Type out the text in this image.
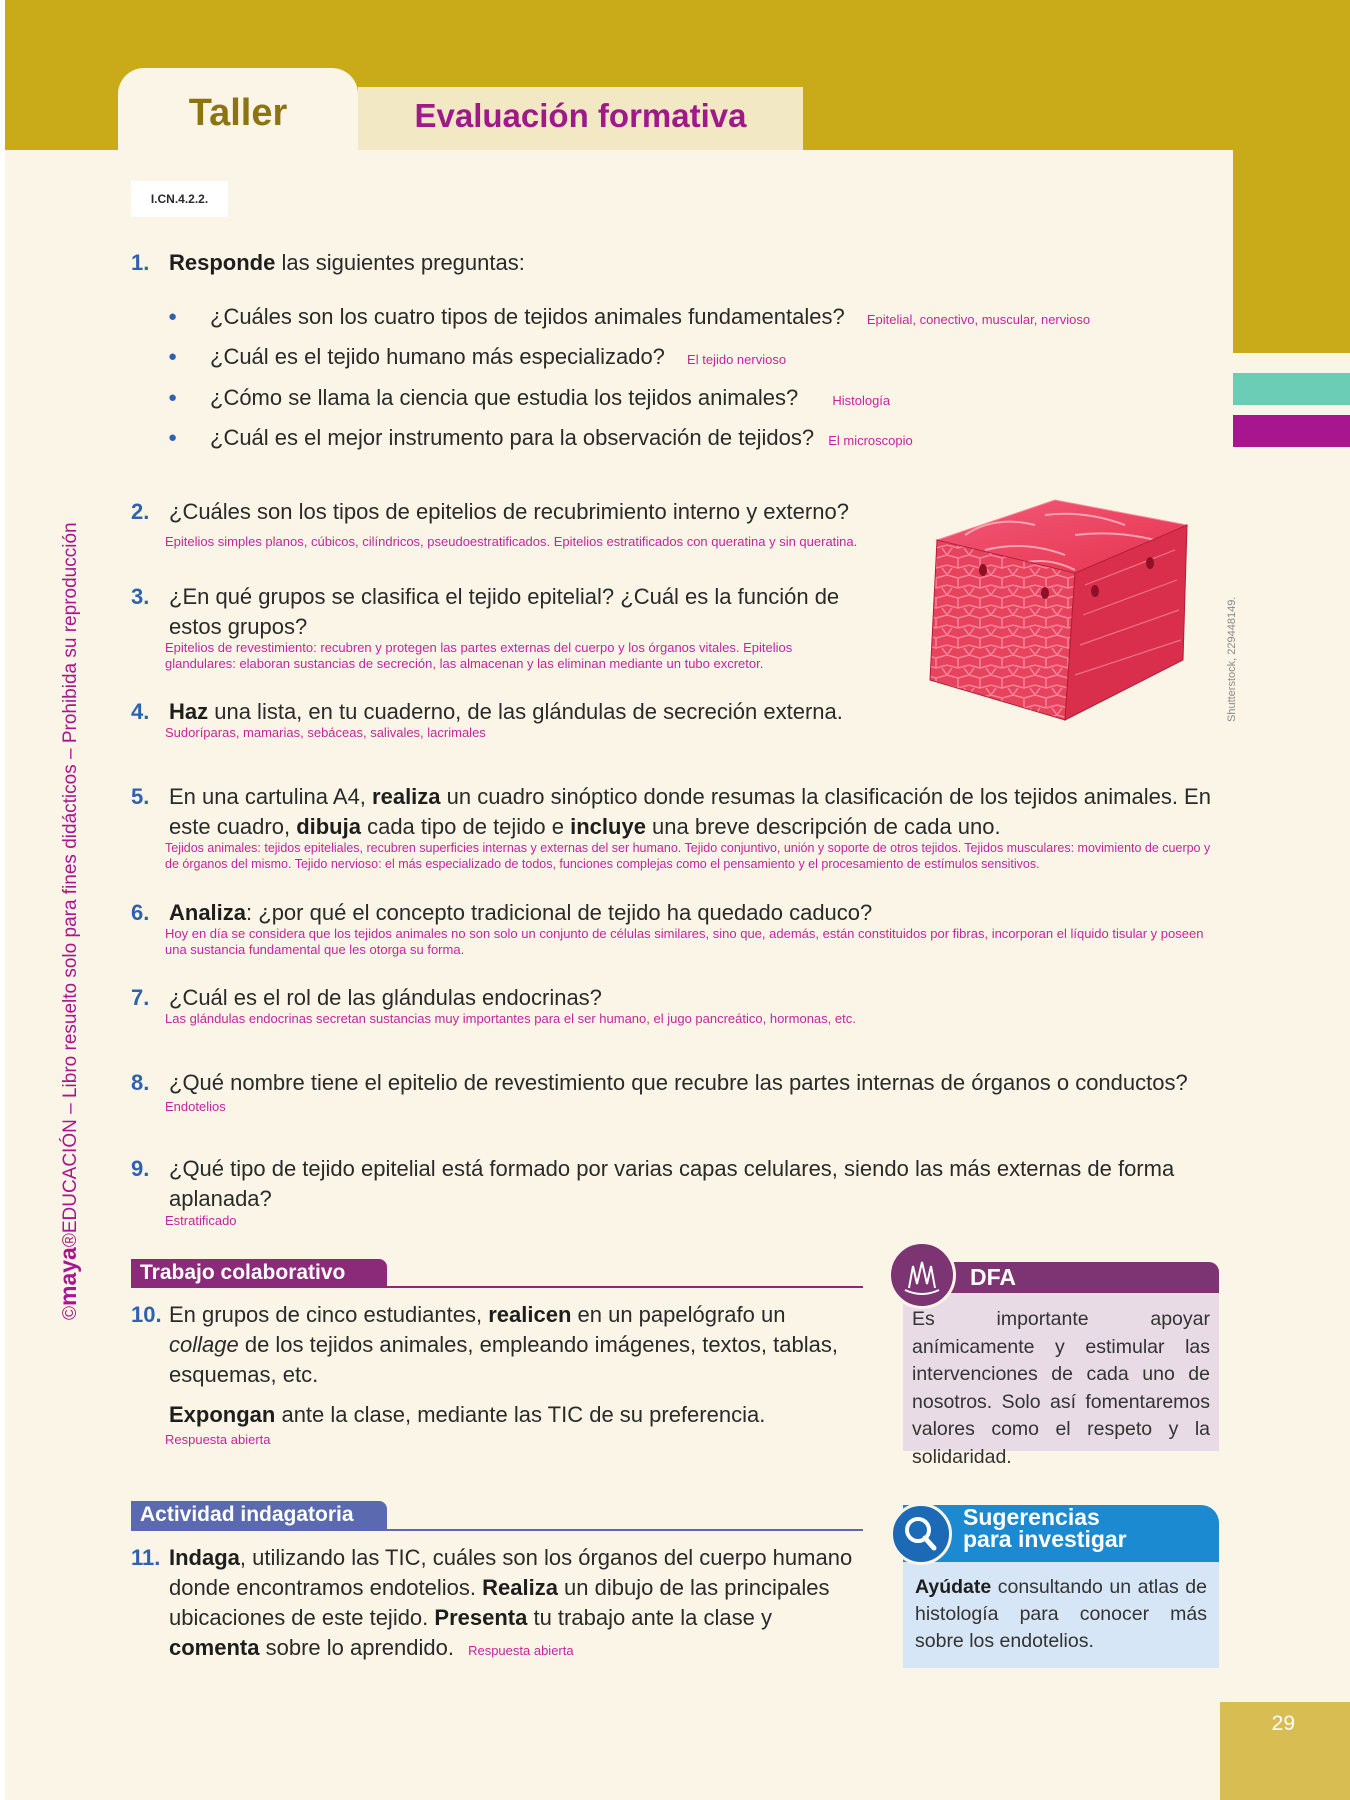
Taller	Evaluación formativa
I.CN.4.2.2.
©maya®EDUCACIÓN – Libro resuelto solo para fines didácticos – Prohibida su reproducción
1. Responde las siguientes preguntas:
● ¿Cuáles son los cuatro tipos de tejidos animales fundamentales? Epitelial, conectivo, muscular, nervioso
● ¿Cuál es el tejido humano más especializado? El tejido nervioso
● ¿Cómo se llama la ciencia que estudia los tejidos animales?	Histología
● ¿Cuál es el mejor instrumento para la observación de tejidos? El microscopio
Shutterstock, 229448149.
2. ¿Cuáles son los tipos de epitelios de recubrimiento interno y externo?
Epitelios simples planos, cúbicos, cilíndricos, pseudoestratificados. Epitelios estratificados con queratina y sin queratina.
3. ¿En qué grupos se clasifica el tejido epitelial? ¿Cuál es la función de estos grupos?
Epitelios de revestimiento: recubren y protegen las partes externas del cuerpo y los órganos vitales. Epitelios glandulares: elaboran sustancias de secreción, las almacenan y las eliminan mediante un tubo excretor.
4. Haz una lista, en tu cuaderno, de las glándulas de secreción externa.
Sudoríparas, mamarias, sebáceas, salivales, lacrimales
5. En una cartulina A4, realiza un cuadro sinóptico donde resumas la clasificación de los tejidos animales. En este cuadro, dibuja cada tipo de tejido e incluye una breve descripción de cada uno.
Tejidos animales: tejidos epiteliales, recubren superficies internas y externas del ser humano. Tejido conjuntivo, unión y soporte de otros tejidos. Tejidos musculares: movimiento de cuerpo y de órganos del mismo. Tejido nervioso: el más especializado de todos, funciones complejas como el pensamiento y el procesamiento de estímulos sensitivos.
6. Analiza: ¿por qué el concepto tradicional de tejido ha quedado caduco?
Hoy en día se considera que los tejidos animales no son solo un conjunto de células similares, sino que, además, están constituidos por fibras, incorporan el líquido tisular y poseen una sustancia fundamental que les otorga su forma.
7. ¿Cuál es el rol de las glándulas endocrinas?
Las glándulas endocrinas secretan sustancias muy importantes para el ser humano, el jugo pancreático, hormonas, etc.
8. ¿Qué nombre tiene el epitelio de revestimiento que recubre las partes internas de órganos o conductos?
Endotelios
9. ¿Qué tipo de tejido epitelial está formado por varias capas celulares, siendo las más externas de forma aplanada?
Estratificado
Trabajo colaborativo
10. En grupos de cinco estudiantes, realicen en un papelógrafo un collage de los tejidos animales, empleando imágenes, textos, tablas, esquemas, etc.
Expongan ante la clase, mediante las TIC de su preferencia.
Respuesta abierta
DFA
Es importante apoyar anímicamente y estimular las intervenciones de cada uno de nosotros. Solo así fomentaremos valores como el respeto y la solidaridad.
Actividad indagatoria
11. Indaga, utilizando las TIC, cuáles son los órganos del cuerpo humano donde encontramos endotelios. Realiza un dibujo de las principales ubicaciones de este tejido. Presenta tu trabajo ante la clase y comenta sobre lo aprendido. Respuesta abierta
Sugerencias
para investigar
Ayúdate consultando un atlas de histología para conocer más sobre los endotelios.
29
